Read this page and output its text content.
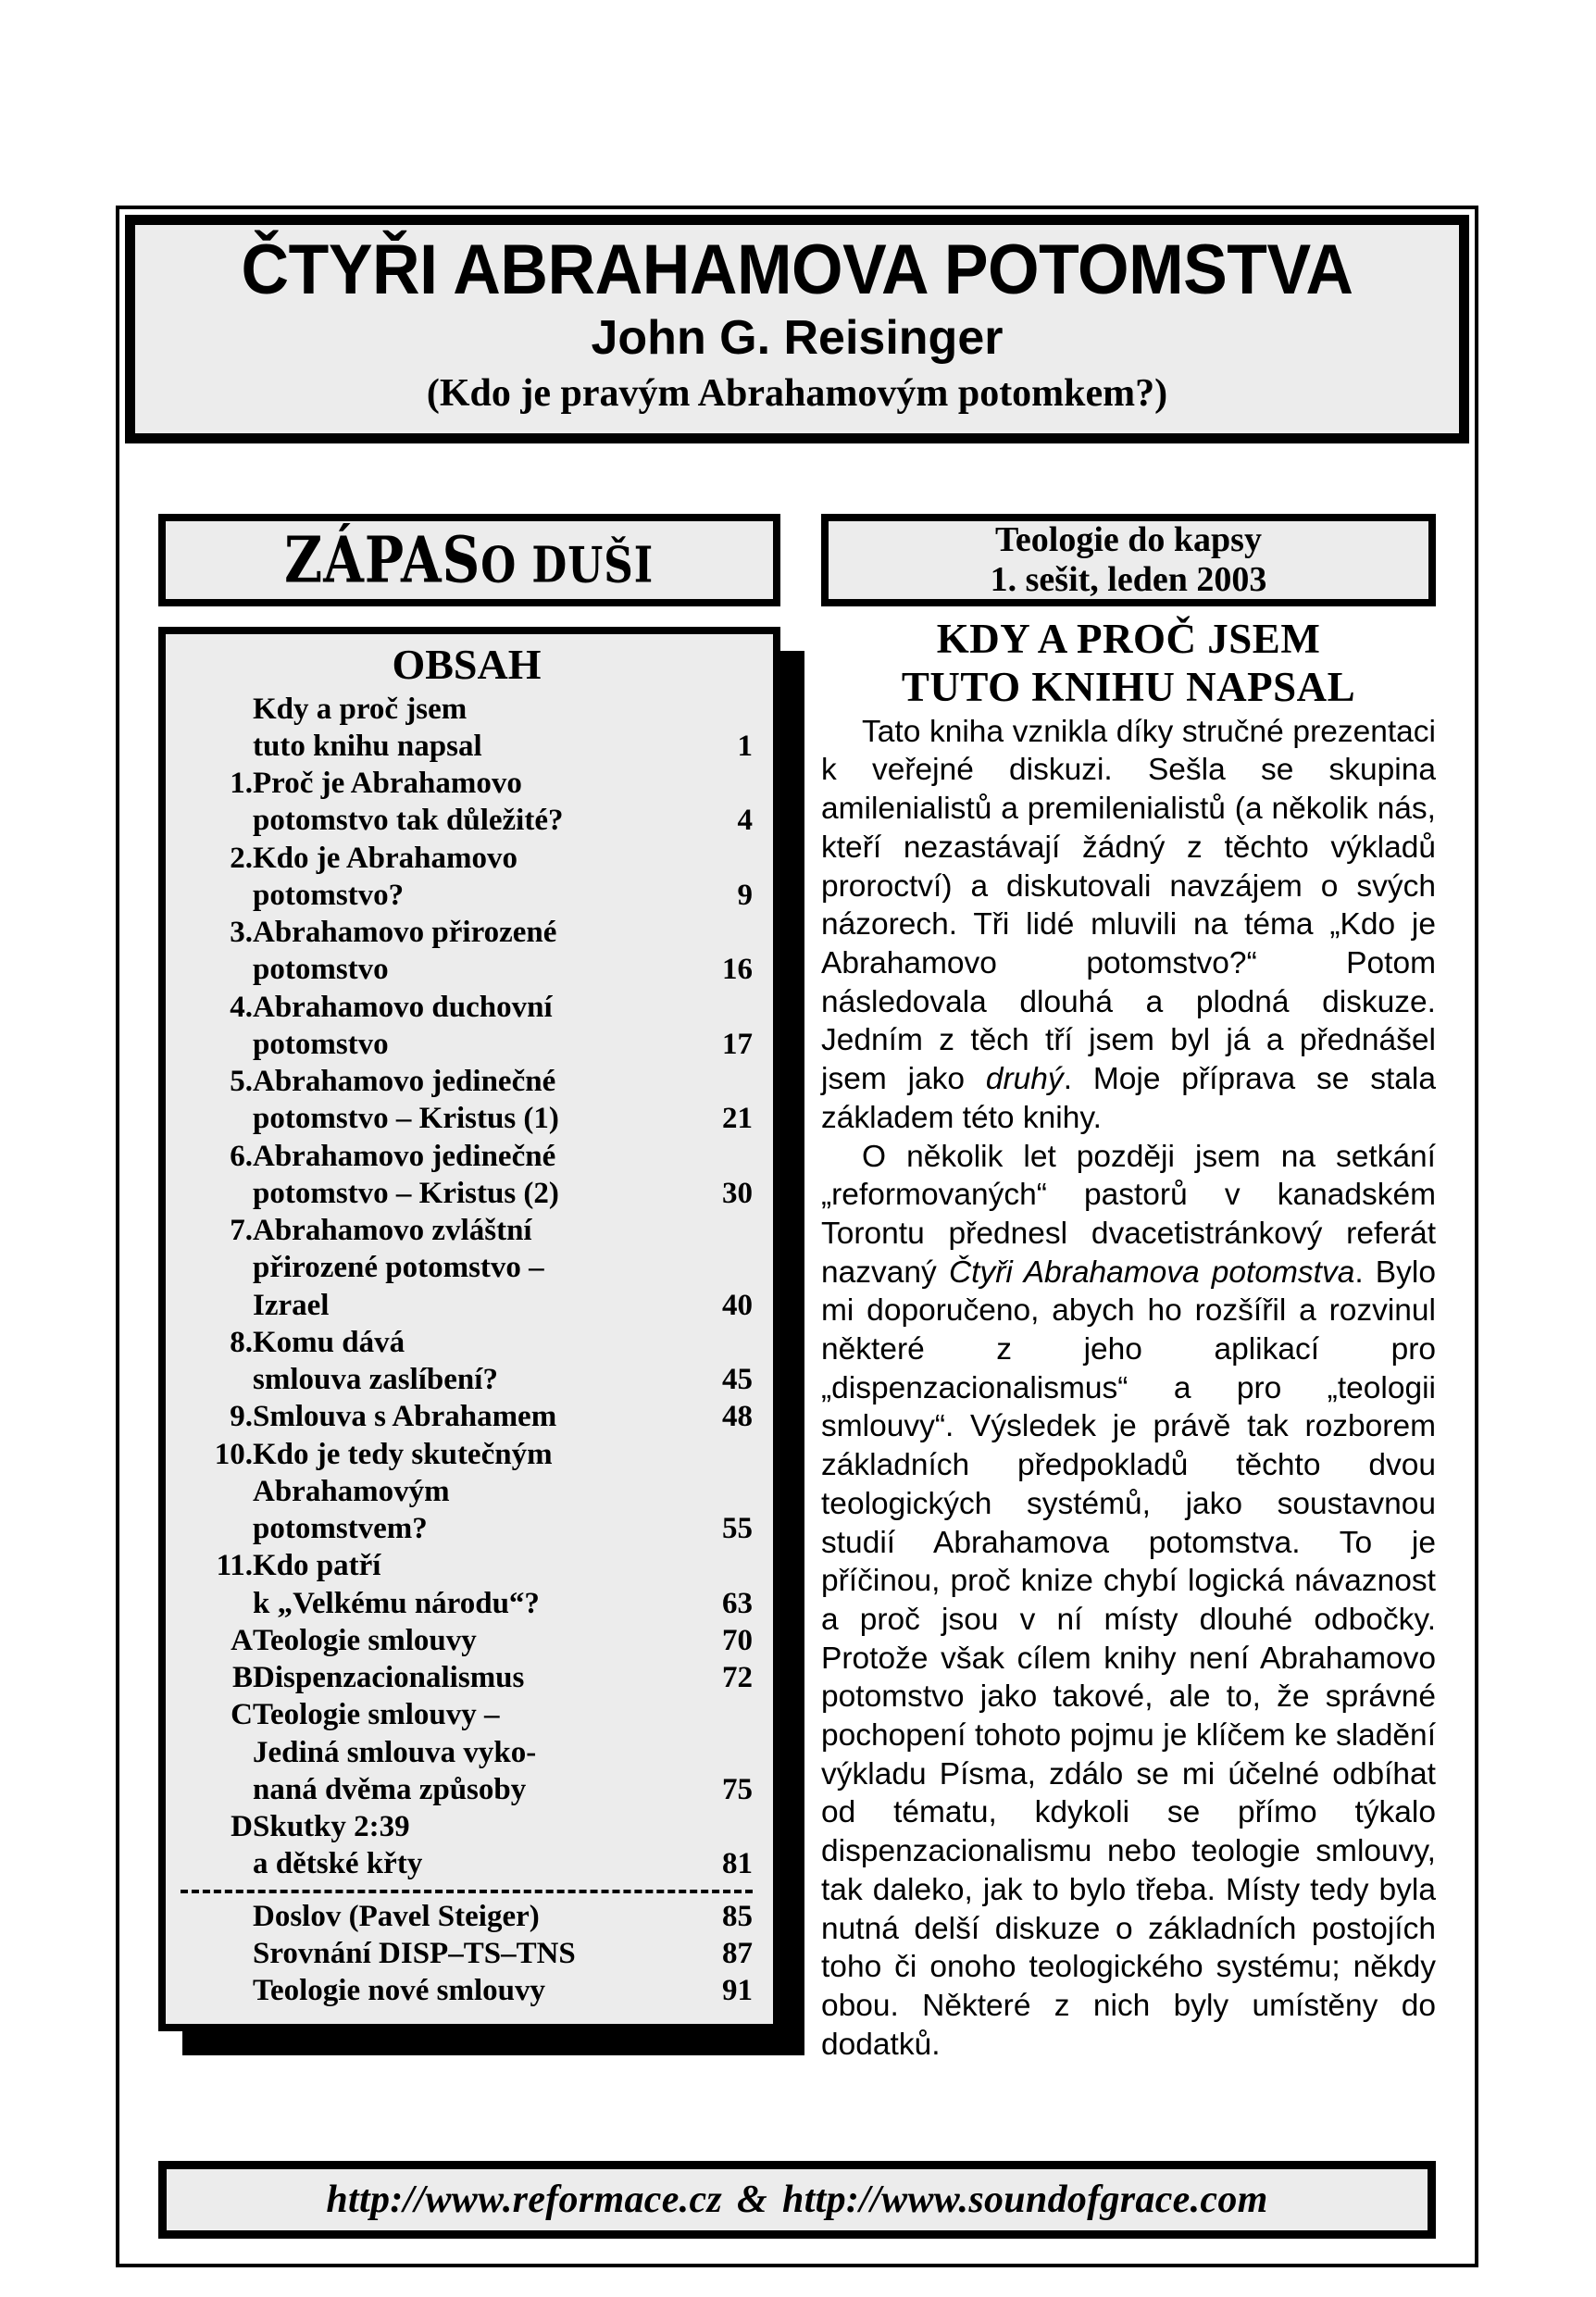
ČTYŘI ABRAHAMOVA POTOMSTVA
John G. Reisinger
(Kdo je pravým Abrahamovým potomkem?)
ZÁPASO DUŠI
OBSAH
	Kdy a proč jsem	
	tuto knihu napsal	1
1.	Proč je Abrahamovo	
	potomstvo tak důležité?	4
2.	Kdo je Abrahamovo	
	potomstvo?	9
3.	Abrahamovo přirozené	
	potomstvo	16
4.	Abrahamovo duchovní	
	potomstvo	17
5.	Abrahamovo jedinečné	
	potomstvo – Kristus (1)	21
6.	Abrahamovo jedinečné	
	potomstvo – Kristus (2)	30
7.	Abrahamovo zvláštní	
	přirozené potomstvo –	
	Izrael	40
8.	Komu dává	
	smlouva zaslíbení?	45
9.	Smlouva s Abrahamem	48
10.	Kdo je tedy skutečným	
	Abrahamovým	
	potomstvem?	55
11.	Kdo patří	
	k „Velkému národu“?	63
A	Teologie smlouvy	70
B	Dispenzacionalismus	72
C	Teologie smlouvy –	
	Jediná smlouva vyko-	
	naná dvěma způsoby	75
D	Skutky 2:39	
	a dětské křty	81

	Doslov (Pavel Steiger)	85
	Srovnání DISP–TS–TNS	87
	Teologie nové smlouvy	91
Teologie do kapsy
1. sešit, leden 2003
KDY A PROČ JSEM
TUTO KNIHU NAPSAL

Tato kniha vznikla díky stručné prezentaci k veřejné diskuzi. Sešla se skupina amilenialistů a premilenialistů (a několik nás, kteří nezastávají žádný z těchto výkladů proroctví) a diskutovali navzájem o svých názorech. Tři lidé mluvili na téma „Kdo je Abrahamovo potomstvo?“ Potom následovala dlouhá a plodná diskuze. Jedním z těch tří jsem byl já a přednášel jsem jako druhý. Moje příprava se stala základem této knihy.

O několik let později jsem na setkání „reformovaných“ pastorů v kanadském Torontu přednesl dvacetistránkový referát nazvaný Čtyři Abrahamova potomstva. Bylo mi doporučeno, abych ho rozšířil a rozvinul některé z jeho aplikací pro „dispenzacionalismus“ a pro „teologii smlouvy“. Výsledek je právě tak rozborem základních předpokladů těchto dvou teologických systémů, jako soustavnou studií Abrahamova potomstva. To je příčinou, proč knize chybí logická návaznost a proč jsou v ní místy dlouhé odbočky. Protože však cílem knihy není Abrahamovo potomstvo jako takové, ale to, že správné pochopení tohoto pojmu je klíčem ke sladění výkladu Písma, zdálo se mi účelné odbíhat od tématu, kdykoli se přímo týkalo dispenzacionalismu nebo teologie smlouvy, tak daleko, jak to bylo třeba. Místy tedy byla nutná delší diskuze o základních postojích toho či onoho teologického systému; někdy obou. Některé z nich byly umístěny do dodatků.

http://www.reformace.cz & http://www.soundofgrace.com
